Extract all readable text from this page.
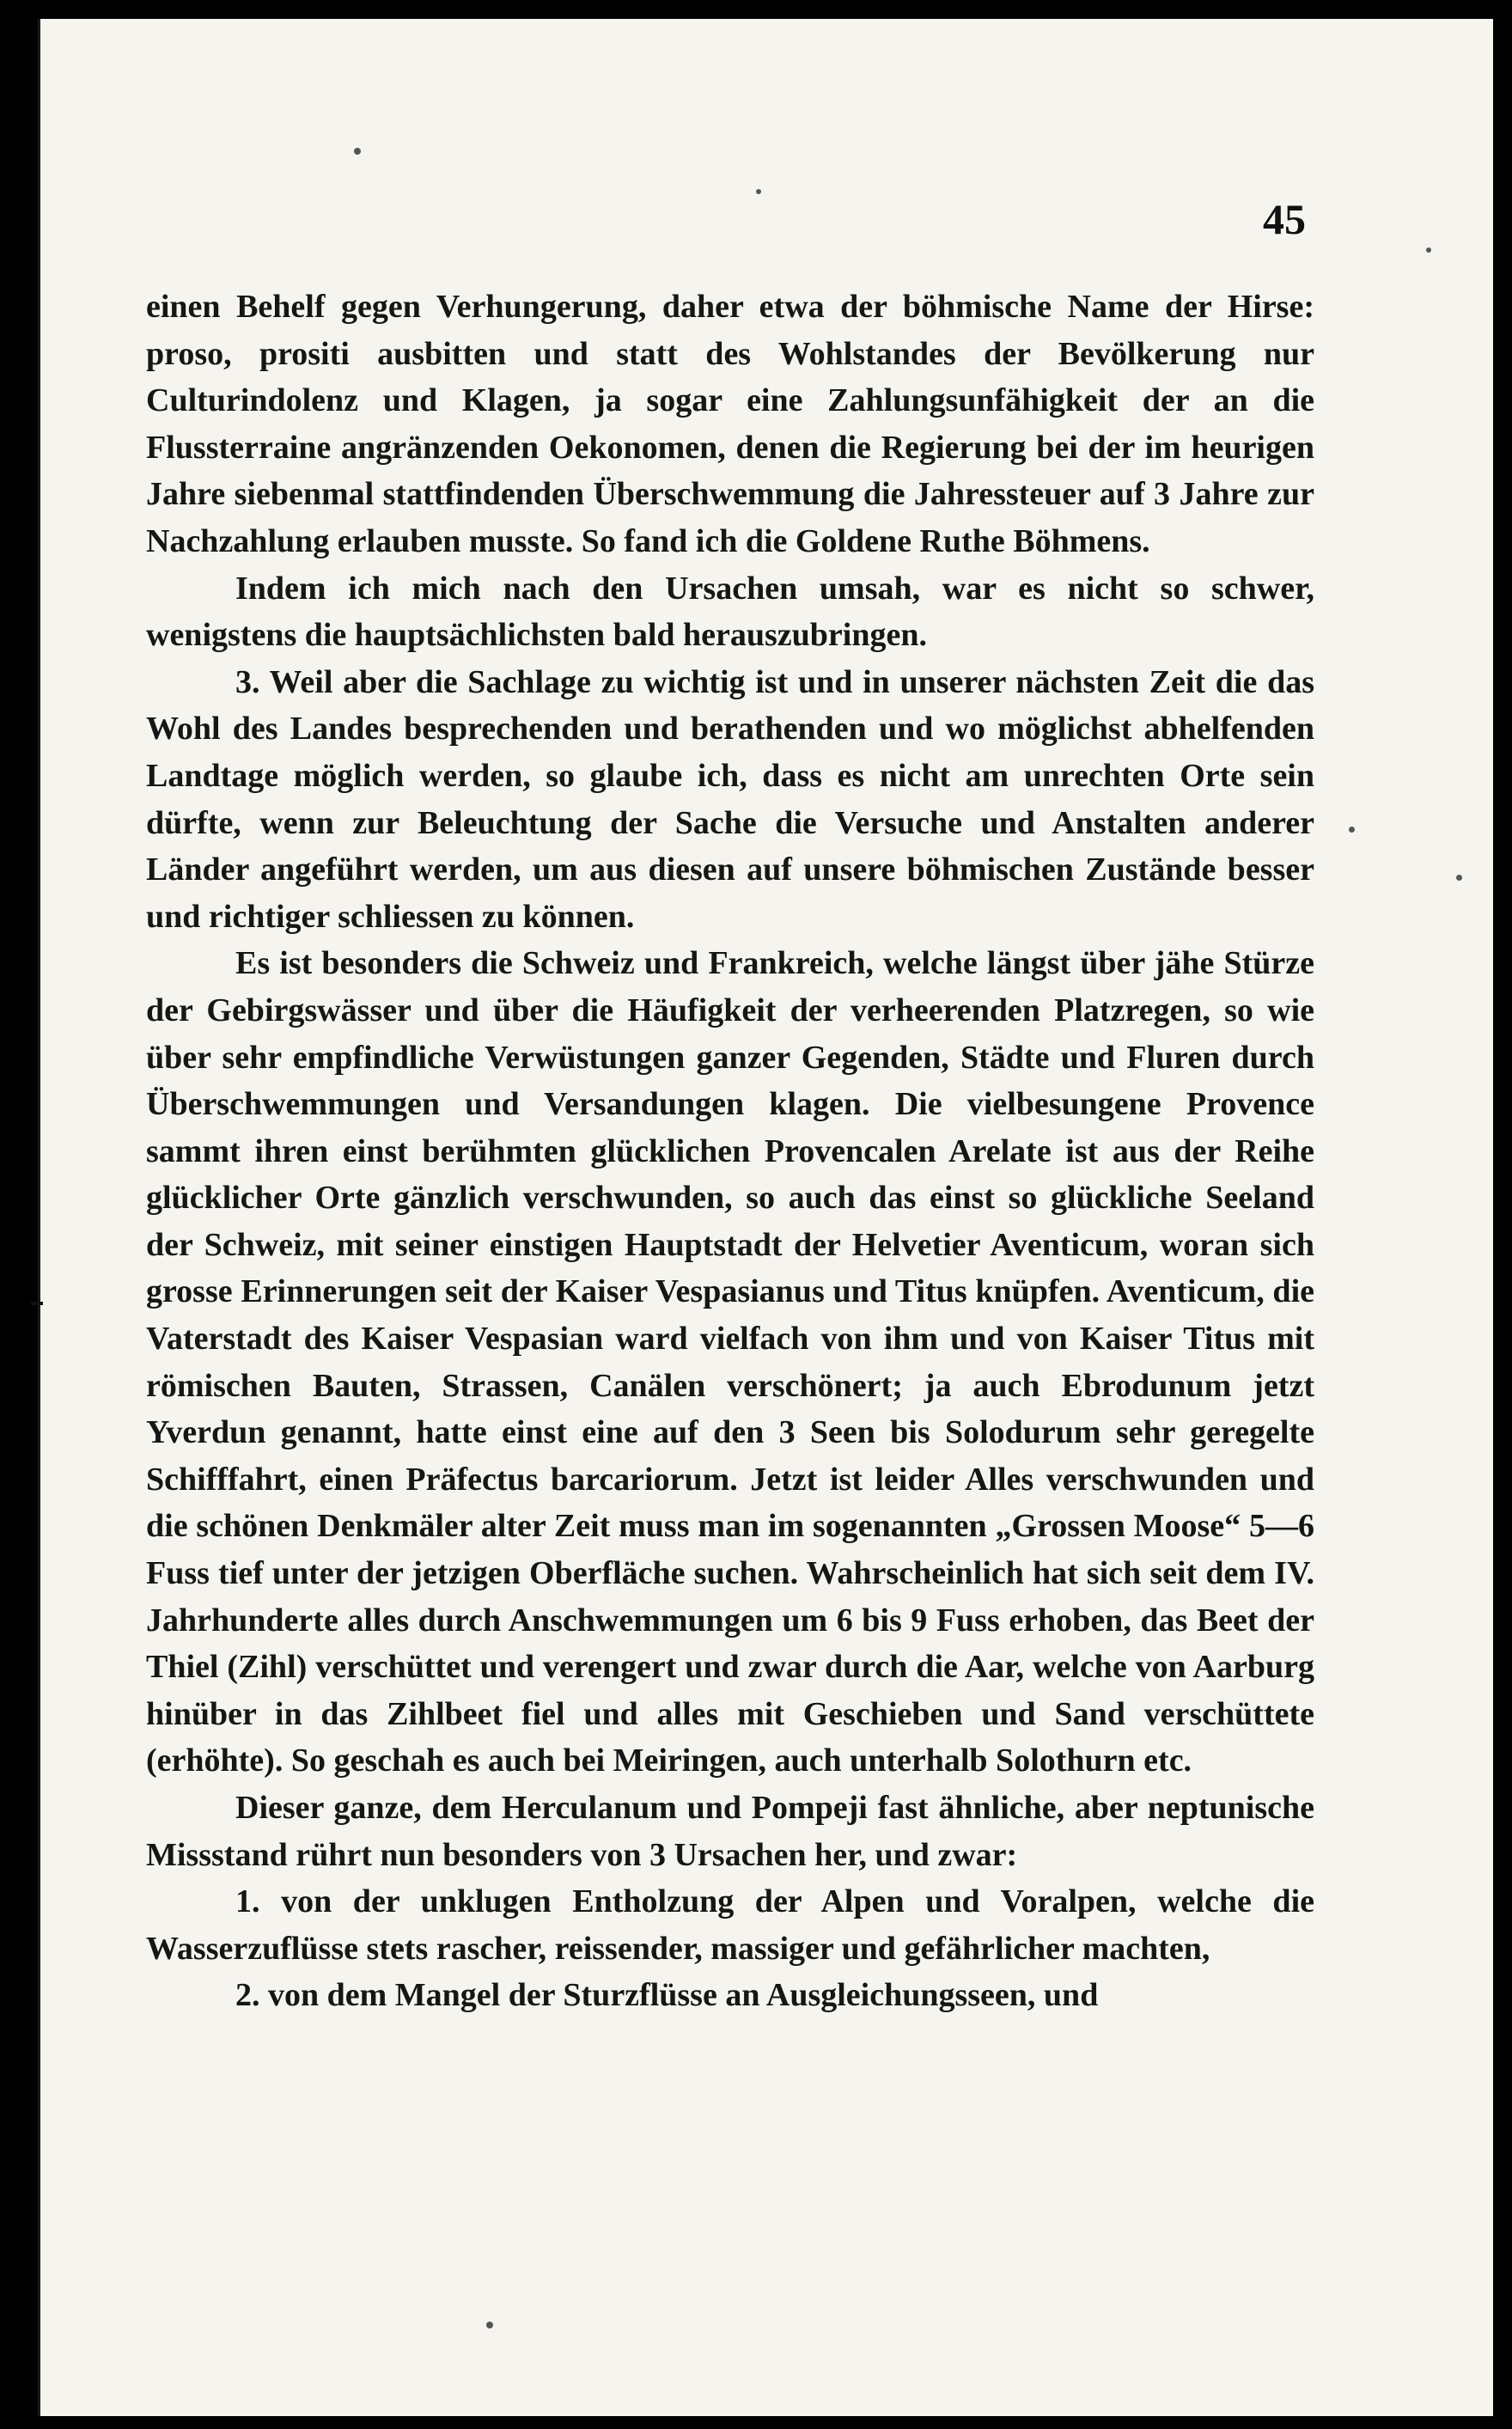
45

einen Behelf gegen Verhungerung, daher etwa der böhmische Name der Hirse: proso, prositi ausbitten und statt des Wohlstandes der Bevölkerung nur Culturindolenz und Klagen, ja sogar eine Zahlungsunfähigkeit der an die Flussterraine angränzenden Oekonomen, denen die Regierung bei der im heurigen Jahre siebenmal stattfindenden Überschwemmung die Jahressteuer auf 3 Jahre zur Nachzahlung erlauben musste. So fand ich die Goldene Ruthe Böhmens.

Indem ich mich nach den Ursachen umsah, war es nicht so schwer, wenigstens die hauptsächlichsten bald herauszubringen.

3. Weil aber die Sachlage zu wichtig ist und in unserer nächsten Zeit die das Wohl des Landes besprechenden und berathenden und wo möglichst abhelfenden Landtage möglich werden, so glaube ich, dass es nicht am unrechten Orte sein dürfte, wenn zur Beleuchtung der Sache die Versuche und Anstalten anderer Länder angeführt werden, um aus diesen auf unsere böhmischen Zustände besser und richtiger schliessen zu können.

Es ist besonders die Schweiz und Frankreich, welche längst über jähe Stürze der Gebirgswässer und über die Häufigkeit der verheerenden Platzregen, so wie über sehr empfindliche Verwüstungen ganzer Gegenden, Städte und Fluren durch Überschwemmungen und Versandungen klagen. Die vielbesungene Provence sammt ihren einst berühmten glücklichen Provencalen Arelate ist aus der Reihe glücklicher Orte gänzlich verschwunden, so auch das einst so glückliche Seeland der Schweiz, mit seiner einstigen Hauptstadt der Helvetier Aventicum, woran sich grosse Erinnerungen seit der Kaiser Vespasianus und Titus knüpfen. Aventicum, die Vaterstadt des Kaiser Vespasian ward vielfach von ihm und von Kaiser Titus mit römischen Bauten, Strassen, Canälen verschönert; ja auch Ebrodunum jetzt Yverdun genannt, hatte einst eine auf den 3 Seen bis Solodurum sehr geregelte Schifffahrt, einen Präfectus barcariorum. Jetzt ist leider Alles verschwunden und die schönen Denkmäler alter Zeit muss man im sogenannten „Grossen Moose“ 5—6 Fuss tief unter der jetzigen Oberfläche suchen. Wahrscheinlich hat sich seit dem IV. Jahrhunderte alles durch Anschwemmungen um 6 bis 9 Fuss erhoben, das Beet der Thiel (Zihl) verschüttet und verengert und zwar durch die Aar, welche von Aarburg hinüber in das Zihlbeet fiel und alles mit Geschieben und Sand verschüttete (erhöhte). So geschah es auch bei Meiringen, auch unterhalb Solothurn etc.

Dieser ganze, dem Herculanum und Pompeji fast ähnliche, aber neptunische Missstand rührt nun besonders von 3 Ursachen her, und zwar:

1. von der unklugen Entholzung der Alpen und Voralpen, welche die Wasserzuflüsse stets rascher, reissender, massiger und gefährlicher machten,

2. von dem Mangel der Sturzflüsse an Ausgleichungsseen, und
